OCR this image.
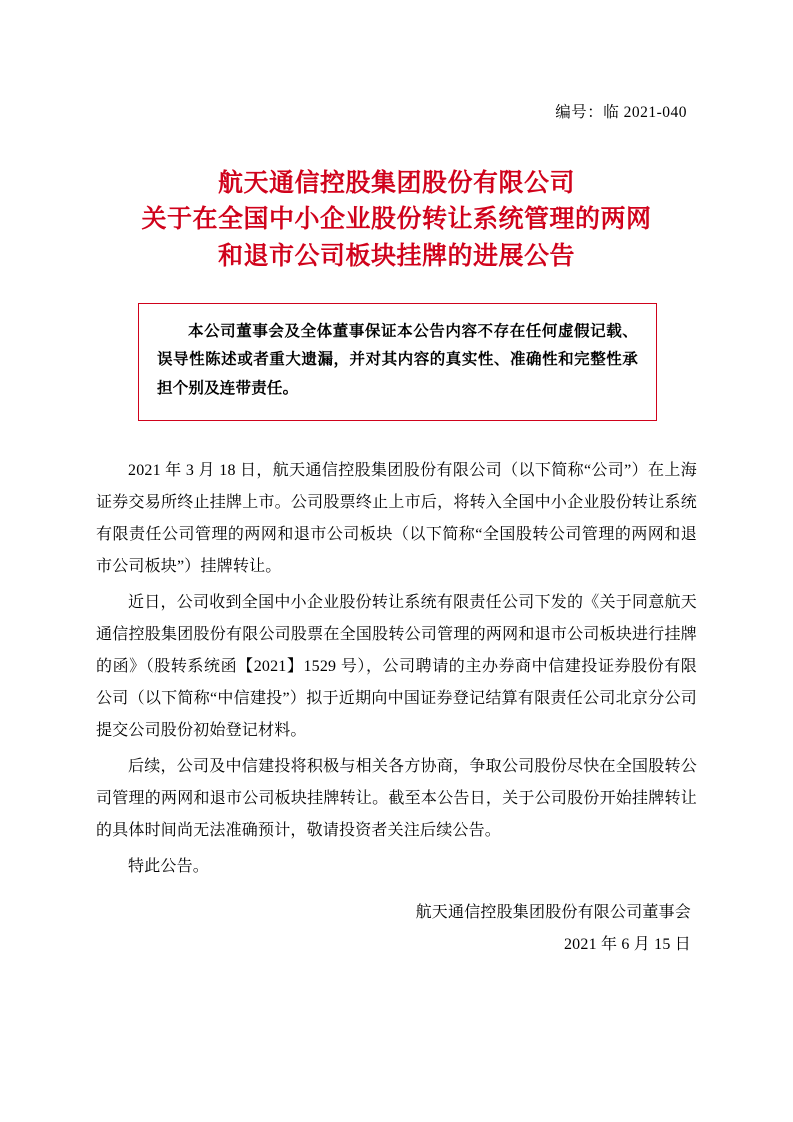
编号：临 2021-040
航天通信控股集团股份有限公司
关于在全国中小企业股份转让系统管理的两网
和退市公司板块挂牌的进展公告
本公司董事会及全体董事保证本公告内容不存在任何虚假记载、误导性陈述或者重大遗漏，并对其内容的真实性、准确性和完整性承担个别及连带责任。

2021 年 3 月 18 日，航天通信控股集团股份有限公司（以下简称“公司”）在上海证券交易所终止挂牌上市。公司股票终止上市后，将转入全国中小企业股份转让系统有限责任公司管理的两网和退市公司板块（以下简称“全国股转公司管理的两网和退市公司板块”）挂牌转让。

近日，公司收到全国中小企业股份转让系统有限责任公司下发的《关于同意航天通信控股集团股份有限公司股票在全国股转公司管理的两网和退市公司板块进行挂牌的函》（股转系统函【2021】1529 号），公司聘请的主办券商中信建投证券股份有限公司（以下简称“中信建投”）拟于近期向中国证券登记结算有限责任公司北京分公司提交公司股份初始登记材料。

后续，公司及中信建投将积极与相关各方协商，争取公司股份尽快在全国股转公司管理的两网和退市公司板块挂牌转让。截至本公告日，关于公司股份开始挂牌转让的具体时间尚无法准确预计，敬请投资者关注后续公告。

特此公告。

航天通信控股集团股份有限公司董事会
2021 年 6 月 15 日
